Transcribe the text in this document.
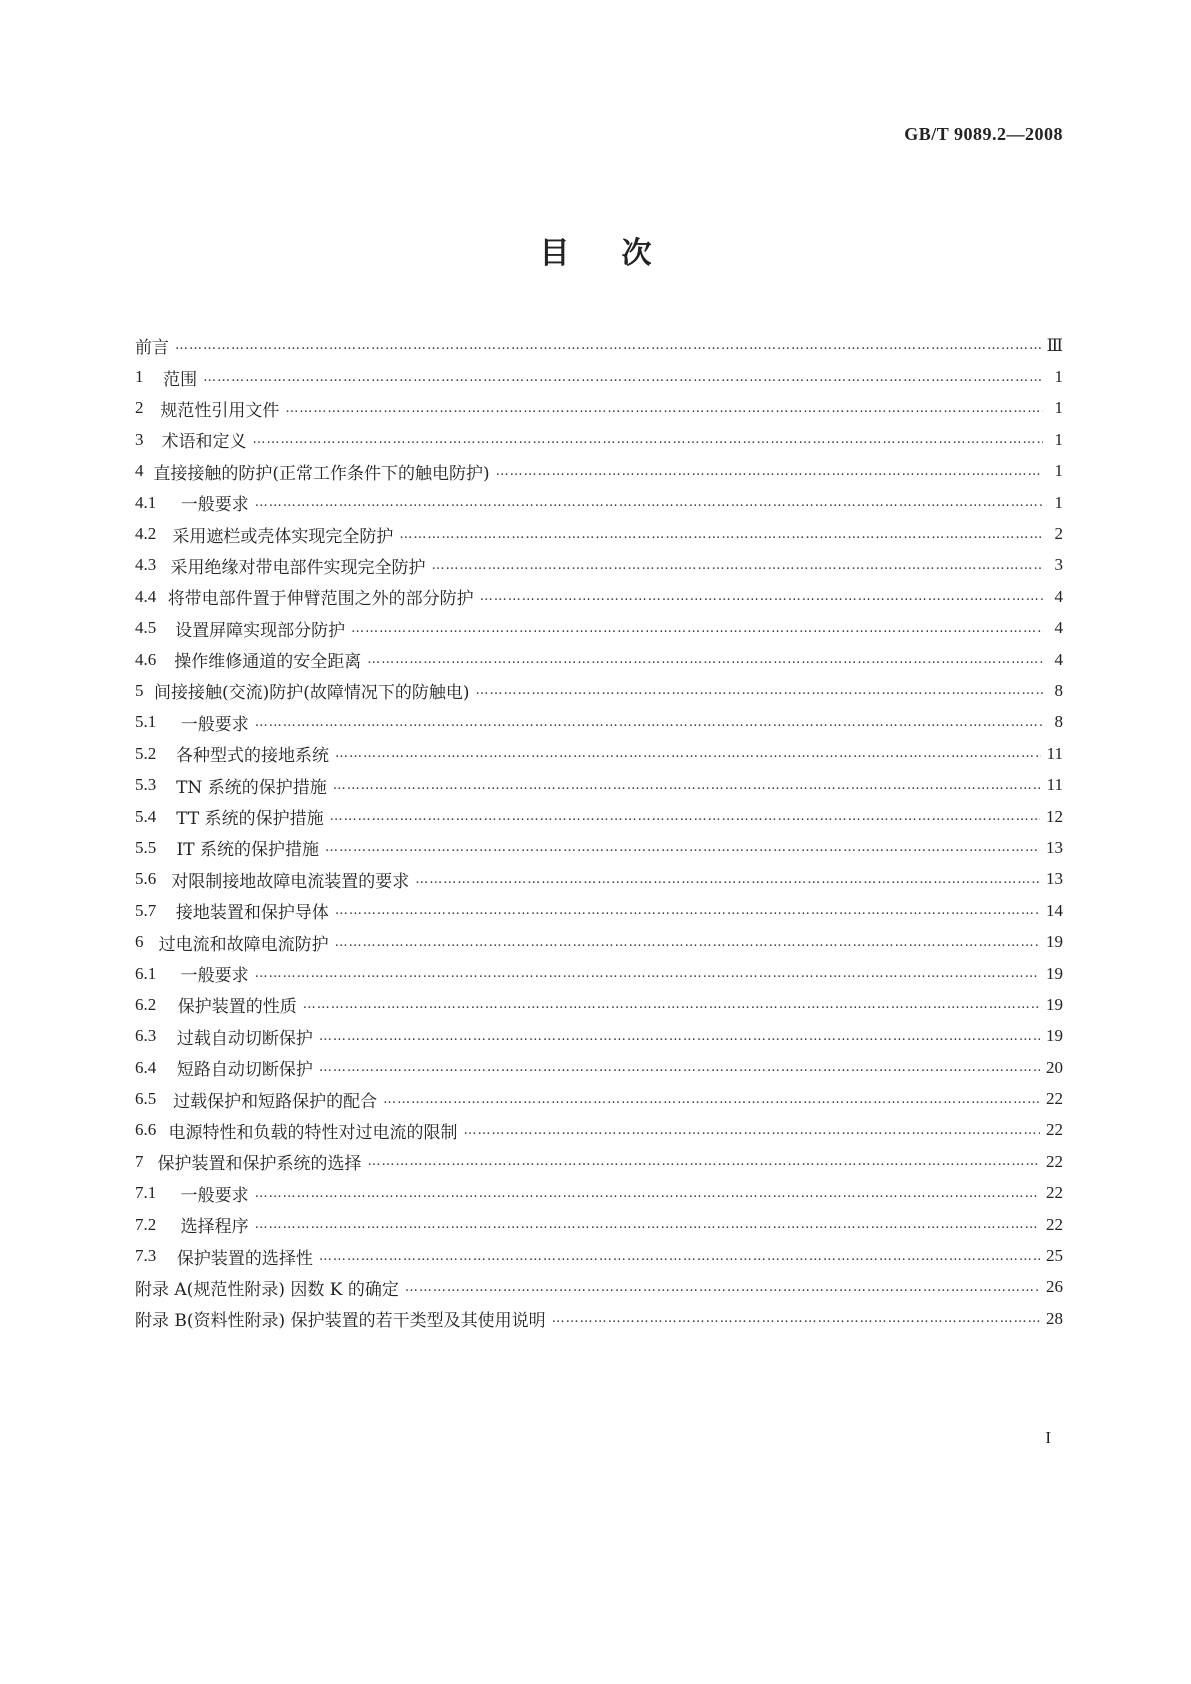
GB/T 9089.2—2008
目次
前言 …………………………………………………………………………………………………………………………………………………………………………	Ⅲ
1	范围 …………………………………………………………………………………………………………………………………………………………………………	1
2 规范性引用文件 …………………………………………………………………………………………………………………………………………………………………………	1
3	术语和定义 …………………………………………………………………………………………………………………………………………………………………………	1
4 直接接触的防护(正常工作条件下的触电防护) …………………………………………………………………………………………………………………………………………………………………………	1
4.1	一般要求 …………………………………………………………………………………………………………………………………………………………………………	1
4.2 采用遮栏或壳体实现完全防护 …………………………………………………………………………………………………………………………………………………………………………	2
4.3 采用绝缘对带电部件实现完全防护 …………………………………………………………………………………………………………………………………………………………………………	3
4.4 将带电部件置于伸臂范围之外的部分防护 …………………………………………………………………………………………………………………………………………………………………………	4
4.5	设置屏障实现部分防护 …………………………………………………………………………………………………………………………………………………………………………	4
4.6	操作维修通道的安全距离 …………………………………………………………………………………………………………………………………………………………………………	4
5 间接接触(交流)防护(故障情况下的防触电) …………………………………………………………………………………………………………………………………………………………………………	8
5.1	一般要求 …………………………………………………………………………………………………………………………………………………………………………	8
5.2	各种型式的接地系统 …………………………………………………………………………………………………………………………………………………………………………	11
5.3	TN 系统的保护措施 …………………………………………………………………………………………………………………………………………………………………………	11
5.4	TT 系统的保护措施 …………………………………………………………………………………………………………………………………………………………………………	12
5.5	IT 系统的保护措施 …………………………………………………………………………………………………………………………………………………………………………	13
5.6 对限制接地故障电流装置的要求 …………………………………………………………………………………………………………………………………………………………………………	13
5.7	接地装置和保护导体 …………………………………………………………………………………………………………………………………………………………………………	14
6 过电流和故障电流防护 …………………………………………………………………………………………………………………………………………………………………………	19
6.1	一般要求 …………………………………………………………………………………………………………………………………………………………………………	19
6.2	保护装置的性质 …………………………………………………………………………………………………………………………………………………………………………	19
6.3	过载自动切断保护 …………………………………………………………………………………………………………………………………………………………………………	19
6.4	短路自动切断保护 …………………………………………………………………………………………………………………………………………………………………………	20
6.5 过载保护和短路保护的配合 …………………………………………………………………………………………………………………………………………………………………………	22
6.6 电源特性和负载的特性对过电流的限制 …………………………………………………………………………………………………………………………………………………………………………	22
7 保护装置和保护系统的选择 …………………………………………………………………………………………………………………………………………………………………………	22
7.1	一般要求 …………………………………………………………………………………………………………………………………………………………………………	22
7.2	选择程序 …………………………………………………………………………………………………………………………………………………………………………	22
7.3	保护装置的选择性 …………………………………………………………………………………………………………………………………………………………………………	25
附录 A(规范性附录) 因数 K 的确定 …………………………………………………………………………………………………………………………………………………………………………	26
附录 B(资料性附录) 保护装置的若干类型及其使用说明 …………………………………………………………………………………………………………………………………………………………………………	28
I
